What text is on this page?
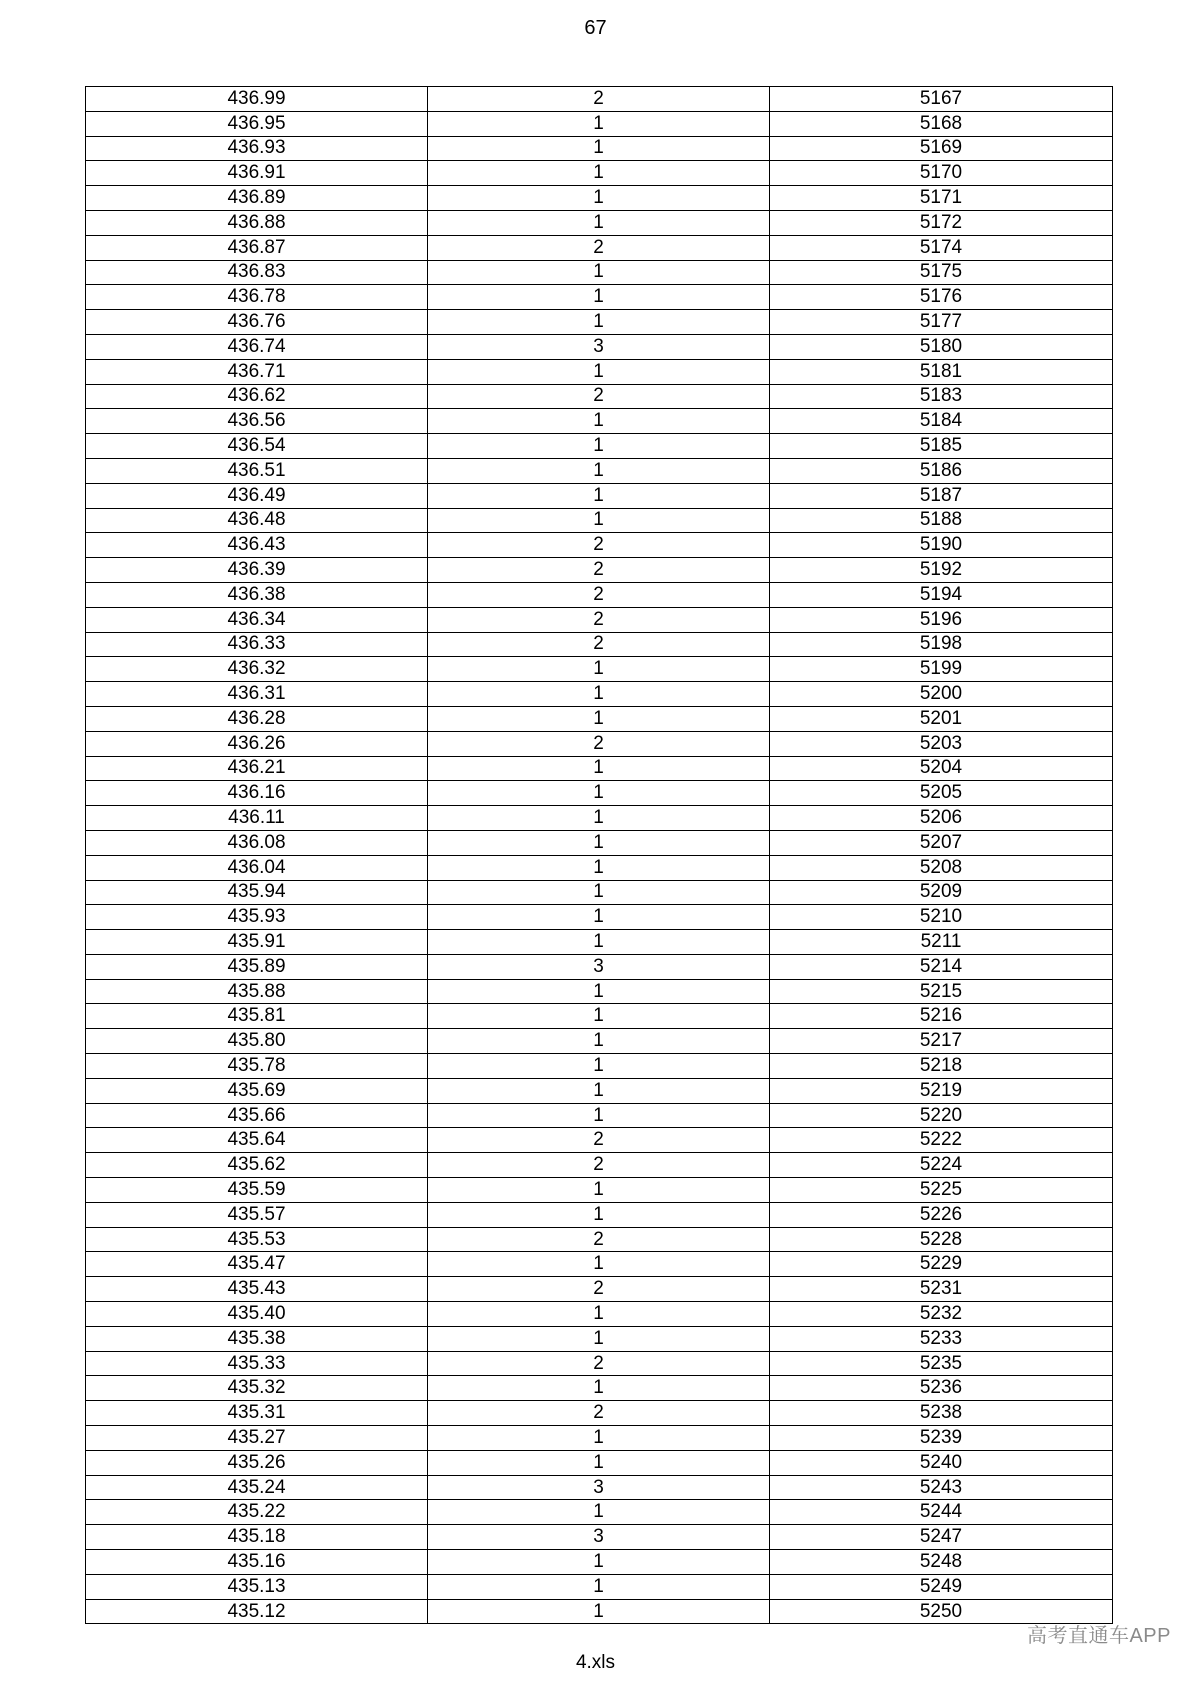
67
436.99	2	5167
436.95	1	5168
436.93	1	5169
436.91	1	5170
436.89	1	5171
436.88	1	5172
436.87	2	5174
436.83	1	5175
436.78	1	5176
436.76	1	5177
436.74	3	5180
436.71	1	5181
436.62	2	5183
436.56	1	5184
436.54	1	5185
436.51	1	5186
436.49	1	5187
436.48	1	5188
436.43	2	5190
436.39	2	5192
436.38	2	5194
436.34	2	5196
436.33	2	5198
436.32	1	5199
436.31	1	5200
436.28	1	5201
436.26	2	5203
436.21	1	5204
436.16	1	5205
436.11	1	5206
436.08	1	5207
436.04	1	5208
435.94	1	5209
435.93	1	5210
435.91	1	5211
435.89	3	5214
435.88	1	5215
435.81	1	5216
435.80	1	5217
435.78	1	5218
435.69	1	5219
435.66	1	5220
435.64	2	5222
435.62	2	5224
435.59	1	5225
435.57	1	5226
435.53	2	5228
435.47	1	5229
435.43	2	5231
435.40	1	5232
435.38	1	5233
435.33	2	5235
435.32	1	5236
435.31	2	5238
435.27	1	5239
435.26	1	5240
435.24	3	5243
435.22	1	5244
435.18	3	5247
435.16	1	5248
435.13	1	5249
435.12	1	5250
4.xls
高考直通车APP
